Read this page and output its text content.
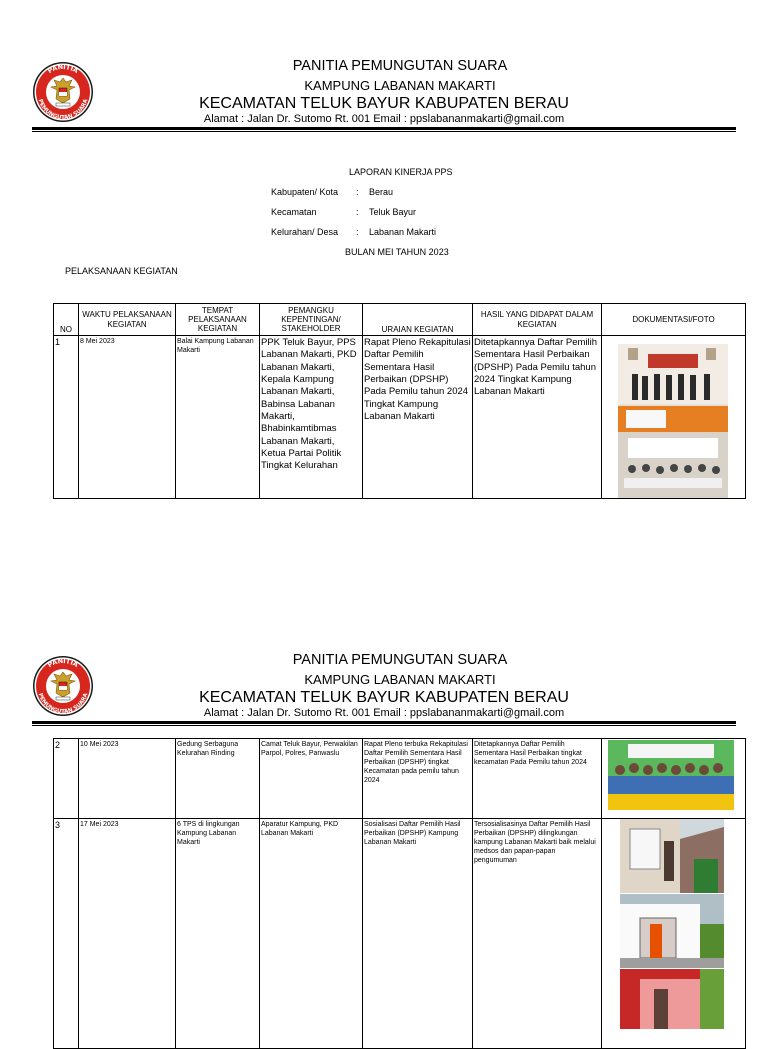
PANITIA PEMUNGUTAN SUARA
KAMPUNG LABANAN MAKARTI
KECAMATAN TELUK BAYUR KABUPATEN BERAU
Alamat : Jalan Dr. Sutomo Rt. 001 Email : ppslabananmakarti@gmail.com
LAPORAN KINERJA PPS
Kabupaten/ Kota : Berau
Kecamatan	: Teluk Bayur
Kelurahan/ Desa : Labanan Makarti
BULAN MEI TAHUN 2023
PELAKSANAAN KEGIATAN
NO	WAKTU PELAKSANAAN KEGIATAN	TEMPAT PELAKSANAAN KEGIATAN	PEMANGKU KEPENTINGAN/ STAKEHOLDER	URAIAN KEGIATAN	HASIL YANG DIDAPAT DALAM KEGIATAN	DOKUMENTASI/FOTO
1	8 Mei 2023	Balai Kampung Labanan Makarti	PPK Teluk Bayur, PPS Labanan Makarti, PKD Labanan Makarti, Kepala Kampung Labanan Makarti, Babinsa Labanan Makarti, Bhabinkamtibmas Labanan Makarti, Ketua Partai Politik Tingkat Kelurahan	Rapat Pleno Rekapitulasi Daftar Pemilih Sementara Hasil Perbaikan (DPSHP) Pada Pemilu tahun 2024 Tingkat Kampung Labanan Makarti	Ditetapkannya Daftar Pemilih Sementara Hasil Perbaikan (DPSHP) Pada Pemilu tahun 2024 Tingkat Kampung Labanan Makarti	
PANITIA PEMUNGUTAN SUARA
KAMPUNG LABANAN MAKARTI
KECAMATAN TELUK BAYUR KABUPATEN BERAU
Alamat : Jalan Dr. Sutomo Rt. 001 Email : ppslabananmakarti@gmail.com
2	10 Mei 2023	Gedung Serbaguna Kelurahan Rinding	Camat Teluk Bayur, Perwakilan Parpol, Polres, Panwaslu	Rapat Pleno terbuka Rekapitulasi Daftar Pemilih Sementara Hasil Perbaikan (DPSHP) tingkat Kecamatan pada pemilu tahun 2024	Ditetapkannya Daftar Pemilih Sementara Hasil Perbaikan tingkat kecamatan Pada Pemilu tahun 2024	

3	17 Mei 2023	6 TPS di lingkungan Kampung Labanan Makarti	Aparatur Kampung, PKD Labanan Makarti	Sosialisasi Daftar Pemilih Hasil Perbaikan (DPSHP) Kampung Labanan Makarti	Tersosialisasinya Daftar Pemilih Hasil Perbaikan (DPSHP) dilingkungan kampung Labanan Makarti baik melalui medsos dan papan-papan pengumuman	
